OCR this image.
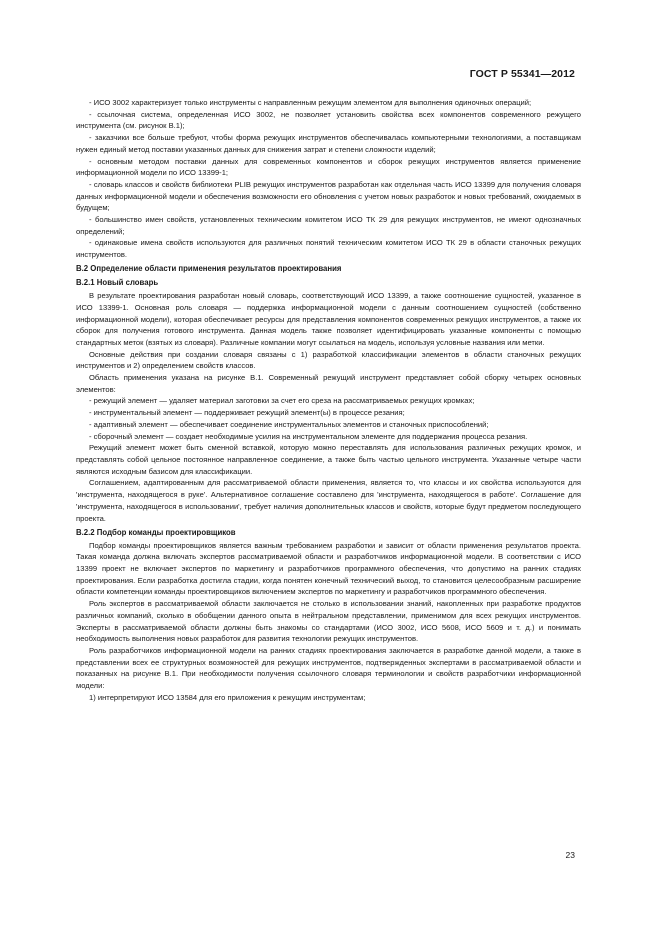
ГОСТ Р 55341—2012

- ИСО 3002 характеризует только инструменты с направленным режущим элементом для выполнения одиночных операций;

- ссылочная система, определенная ИСО 3002, не позволяет установить свойства всех компонентов современного режущего инструмента (см. рисунок В.1);

- заказчики все больше требуют, чтобы форма режущих инструментов обеспечивалась компьютерными технологиями, а поставщикам нужен единый метод поставки указанных данных для снижения затрат и степени сложности изделий;

- основным методом поставки данных для современных компонентов и сборок режущих инструментов является применение информационной модели по ИСО 13399-1;

- словарь классов и свойств библиотеки PLIB режущих инструментов разработан как отдельная часть ИСО 13399 для получения словаря данных информационной модели и обеспечения возможности его обновления с учетом новых разработок и новых требований, ожидаемых в будущем;

- большинство имен свойств, установленных техническим комитетом ИСО ТК 29 для режущих инструментов, не имеют однозначных определений;

- одинаковые имена свойств используются для различных понятий техническим комитетом ИСО ТК 29 в области станочных режущих инструментов.

В.2 Определение области применения результатов проектирования
В.2.1 Новый словарь

В результате проектирования разработан новый словарь, соответствующий ИСО 13399, а также соотношение сущностей, указанное в ИСО 13399-1. Основная роль словаря — поддержка информационной модели с данным соотношением сущностей (собственно информационной модели), которая обеспечивает ресурсы для представления компонентов современных режущих инструментов, а также их сборок для получения готового инструмента. Данная модель также позволяет идентифицировать указанные компоненты с помощью стандартных меток (взятых из словаря). Различные компании могут ссылаться на модель, используя условные названия или метки.

Основные действия при создании словаря связаны с 1) разработкой классификации элементов в области станочных режущих инструментов и 2) определением свойств классов.

Область применения указана на рисунке В.1. Современный режущий инструмент представляет собой сборку четырех основных элементов:

- режущий элемент — удаляет материал заготовки за счет его среза на рассматриваемых режущих кромках;

- инструментальный элемент — поддерживает режущий элемент(ы) в процессе резания;

- адаптивный элемент — обеспечивает соединение инструментальных элементов и станочных приспособлений;

- сборочный элемент — создает необходимые усилия на инструментальном элементе для поддержания процесса резания.

Режущий элемент может быть сменной вставкой, которую можно переставлять для использования различных режущих кромок, и представлять собой цельное постоянное направленное соединение, а также быть частью цельного инструмента. Указанные четыре части являются исходным базисом для классификации.

Соглашением, адаптированным для рассматриваемой области применения, является то, что классы и их свойства используются для 'инструмента, находящегося в руке'. Альтернативное соглашение составлено для 'инструмента, находящегося в работе'. Соглашение для 'инструмента, находящегося в использовании', требует наличия дополнительных классов и свойств, которые будут предметом последующего проекта.

В.2.2 Подбор команды проектировщиков

Подбор команды проектировщиков является важным требованием разработки и зависит от области применения результатов проекта. Такая команда должна включать экспертов рассматриваемой области и разработчиков информационной модели. В соответствии с ИСО 13399 проект не включает экспертов по маркетингу и разработчиков программного обеспечения, что допустимо на ранних стадиях проектирования. Если разработка достигла стадии, когда понятен конечный технический выход, то становится целесообразным расширение области компетенции команды проектировщиков включением экспертов по маркетингу и разработчиков программного обеспечения.

Роль экспертов в рассматриваемой области заключается не столько в использовании знаний, накопленных при разработке продуктов различных компаний, сколько в обобщении данного опыта в нейтральном представлении, применимом для всех режущих инструментов. Эксперты в рассматриваемой области должны быть знакомы со стандартами (ИСО 3002, ИСО 5608, ИСО 5609 и т. д.) и понимать необходимость выполнения новых разработок для развития технологии режущих инструментов.

Роль разработчиков информационной модели на ранних стадиях проектирования заключается в разработке данной модели, а также в представлении всех ее структурных возможностей для режущих инструментов, подтвержденных экспертами в рассматриваемой области и показанных на рисунке В.1. При необходимости получения ссылочного словаря терминологии и свойств разработчики информационной модели:

1) интерпретируют ИСО 13584 для его приложения к режущим инструментам;

23
